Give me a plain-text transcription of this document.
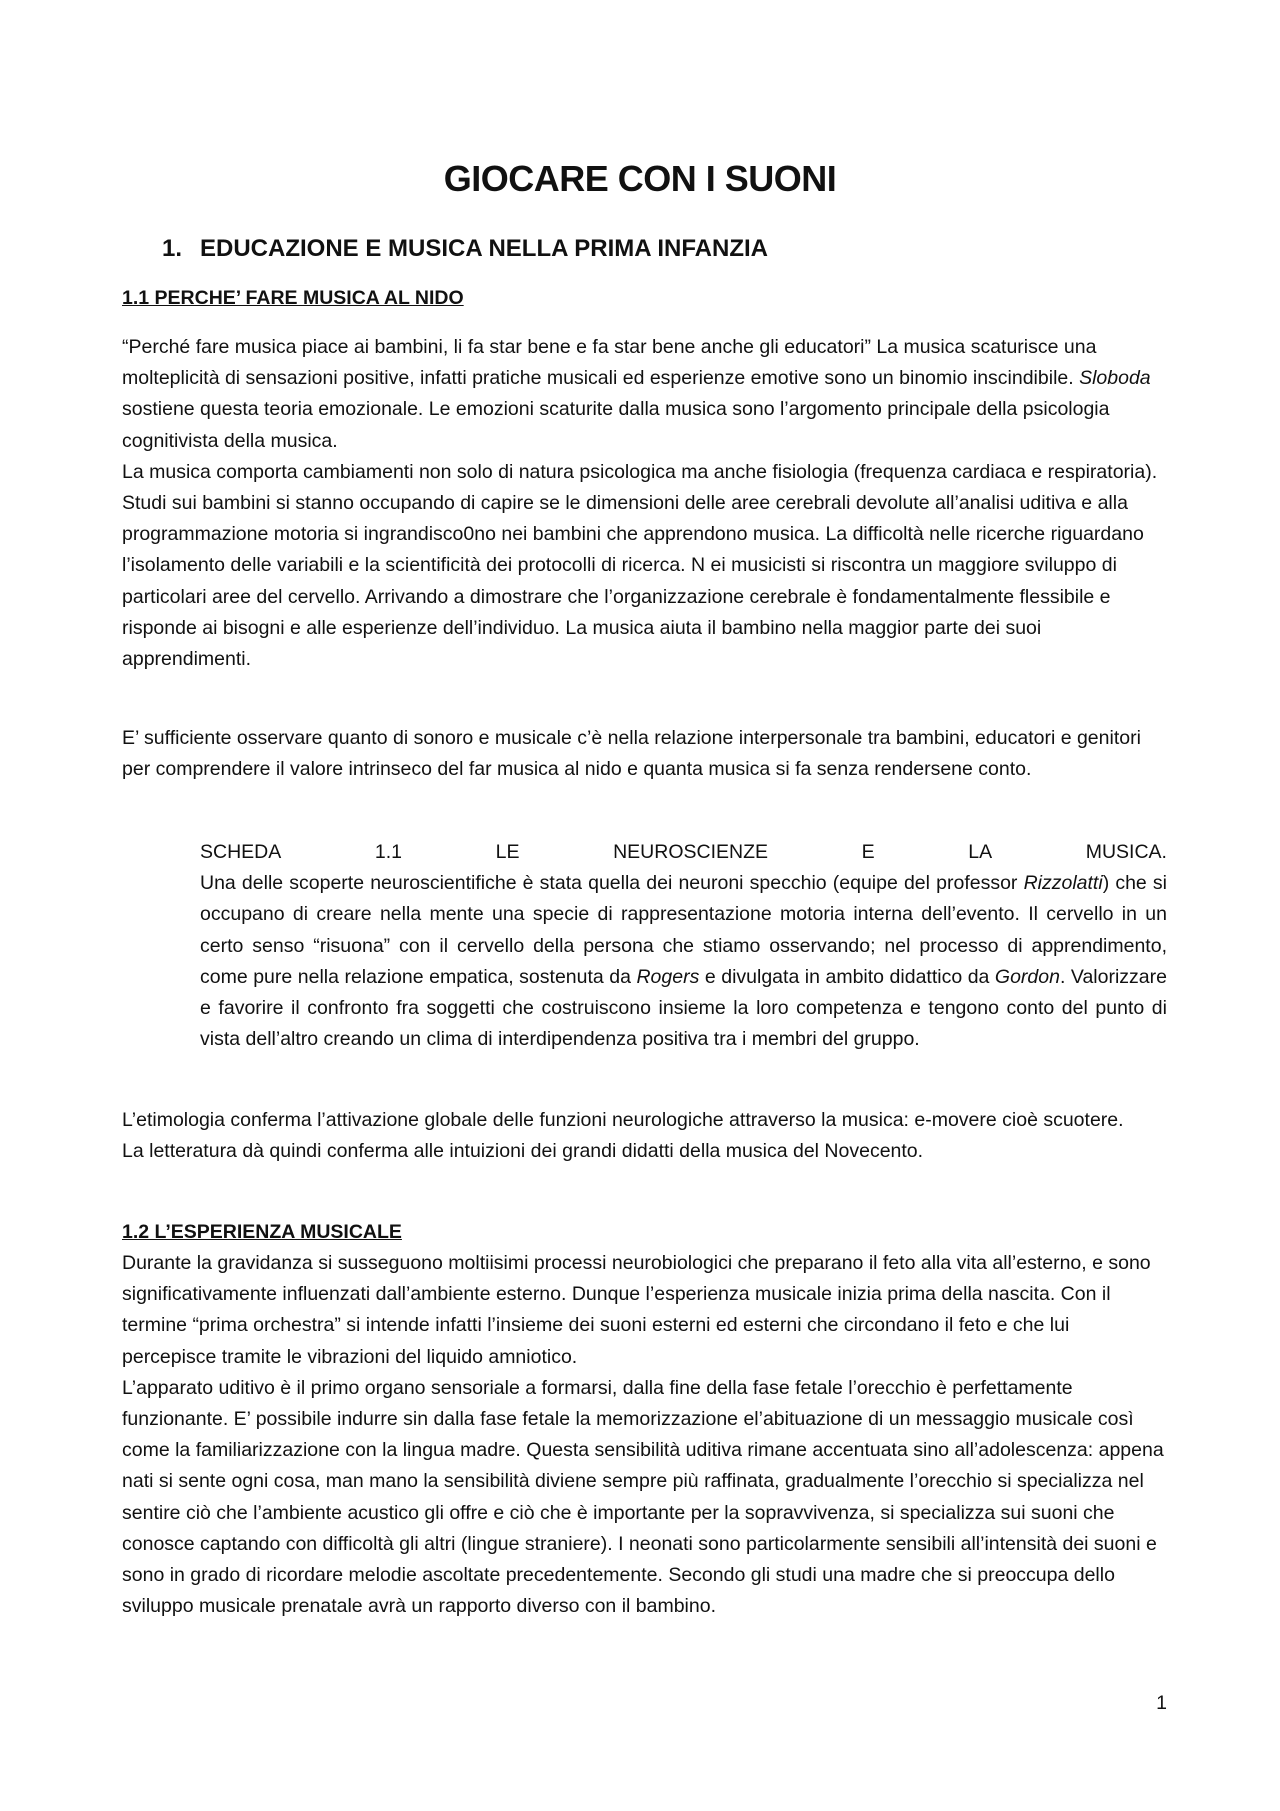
GIOCARE CON I SUONI
1. EDUCAZIONE E MUSICA NELLA PRIMA INFANZIA
1.1 PERCHE’ FARE MUSICA AL NIDO

“Perché fare musica piace ai bambini, li fa star bene e fa star bene anche gli educatori” La musica scaturisce una molteplicità di sensazioni positive, infatti pratiche musicali ed esperienze emotive sono un binomio inscindibile. Sloboda sostiene questa teoria emozionale. Le emozioni scaturite dalla musica sono l’argomento principale della psicologia cognitivista della musica.

La musica comporta cambiamenti non solo di natura psicologica ma anche fisiologia (frequenza cardiaca e respiratoria).

Studi sui bambini si stanno occupando di capire se le dimensioni delle aree cerebrali devolute all’analisi uditiva e alla programmazione motoria si ingrandisco0no nei bambini che apprendono musica. La difficoltà nelle ricerche riguardano l’isolamento delle variabili e la scientificità dei protocolli di ricerca. N ei musicisti si riscontra un maggiore sviluppo di particolari aree del cervello. Arrivando a dimostrare che l’organizzazione cerebrale è fondamentalmente flessibile e risponde ai bisogni e alle esperienze dell’individuo. La musica aiuta il bambino nella maggior parte dei suoi apprendimenti.

E’ sufficiente osservare quanto di sonoro e musicale c’è nella relazione interpersonale tra bambini, educatori e genitori per comprendere il valore intrinseco del far musica al nido e quanta musica si fa senza rendersene conto.

SCHEDA	1.1	LE	NEUROSCIENZE	E	LA	MUSICA.
Una delle scoperte neuroscientifiche è stata quella dei neuroni specchio (equipe del professor Rizzolatti) che si occupano di creare nella mente una specie di rappresentazione motoria interna dell’evento. Il cervello in un certo senso “risuona” con il cervello della persona che stiamo osservando; nel processo di apprendimento, come pure nella relazione empatica, sostenuta da Rogers e divulgata in ambito didattico da Gordon. Valorizzare e favorire il confronto fra soggetti che costruiscono insieme la loro competenza e tengono conto del punto di vista dell’altro creando un clima di interdipendenza positiva tra i membri del gruppo.

L’etimologia conferma l’attivazione globale delle funzioni neurologiche attraverso la musica: e-movere cioè scuotere.

La letteratura dà quindi conferma alle intuizioni dei grandi didatti della musica del Novecento.

1.2 L’ESPERIENZA MUSICALE

Durante la gravidanza si susseguono moltiisimi processi neurobiologici che preparano il feto alla vita all’esterno, e sono significativamente influenzati dall’ambiente esterno. Dunque l’esperienza musicale inizia prima della nascita. Con il termine “prima orchestra” si intende infatti l’insieme dei suoni esterni ed esterni che circondano il feto e che lui percepisce tramite le vibrazioni del liquido amniotico.

L’apparato uditivo è il primo organo sensoriale a formarsi, dalla fine della fase fetale l’orecchio è perfettamente funzionante. E’ possibile indurre sin dalla fase fetale la memorizzazione el’abituazione di un messaggio musicale così come la familiarizzazione con la lingua madre. Questa sensibilità uditiva rimane accentuata sino all’adolescenza: appena nati si sente ogni cosa, man mano la sensibilità diviene sempre più raffinata, gradualmente l’orecchio si specializza nel sentire ciò che l’ambiente acustico gli offre e ciò che è importante per la sopravvivenza, si specializza sui suoni che conosce captando con difficoltà gli altri (lingue straniere). I neonati sono particolarmente sensibili all’intensità dei suoni e sono in grado di ricordare melodie ascoltate precedentemente. Secondo gli studi una madre che si preoccupa dello sviluppo musicale prenatale avrà un rapporto diverso con il bambino.

1
